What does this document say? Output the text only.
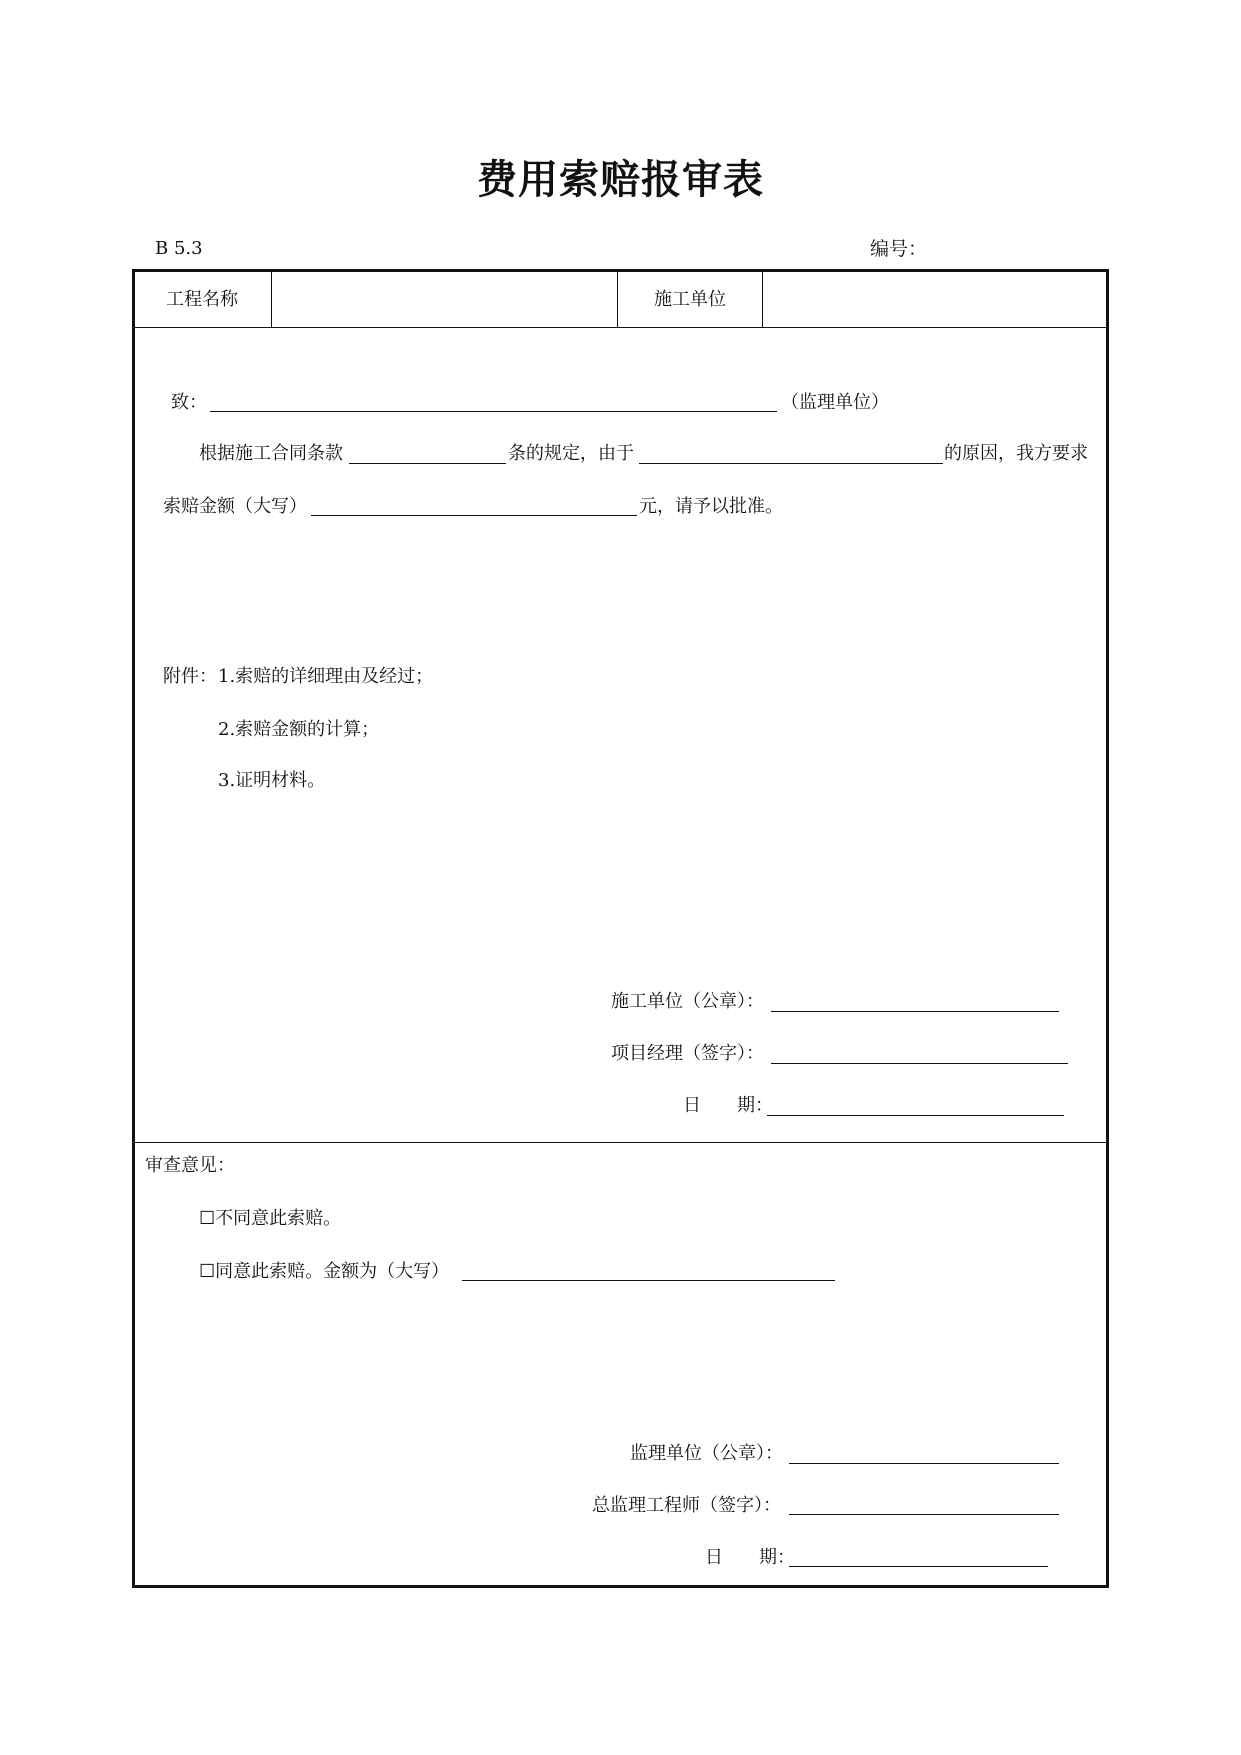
费用索赔报审表
B 5.3	编号：
工程名称	施工单位
致：	（监理单位）
根据施工合同条款	条的规定，由于	的原因，我方要求
索赔金额（大写）	元，请予以批准。
附件： 1.索赔的详细理由及经过；
2.索赔金额的计算；
3.证明材料。
施工单位（公章）：
项目经理（签字）：
日　　期：
审查意见：
☐不同意此索赔。
☐同意此索赔。金额为（大写）
监理单位（公章）：
总监理工程师（签字）：
日　　期：
